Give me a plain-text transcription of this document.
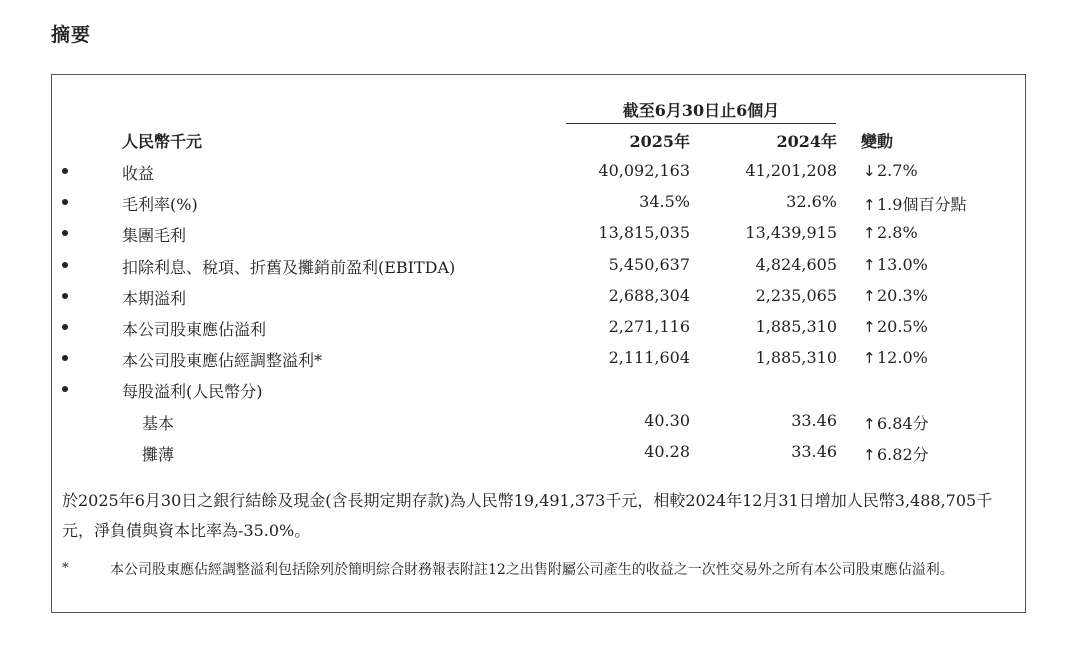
摘要
截至6月30日止6個月
人民幣千元	2025年	2024年 變動
收益	40,092,163	41,201,208 ↓2.7%
毛利率(%)	34.5%	32.6% ↑1.9個百分點
集團毛利	13,815,035	13,439,915 ↑2.8%
扣除利息、稅項、折舊及攤銷前盈利(EBITDA)	5,450,637	4,824,605 ↑13.0%
本期溢利	2,688,304	2,235,065 ↑20.3%
本公司股東應佔溢利	2,271,116	1,885,310 ↑20.5%
本公司股東應佔經調整溢利*	2,111,604	1,885,310 ↑12.0%
每股溢利(人民幣分)
基本	40.30	33.46 ↑6.84分
攤薄	40.28	33.46 ↑6.82分
於2025年6月30日之銀行結餘及現金(含長期定期存款)為人民幣19,491,373千元，相較2024年12月31日增加人民幣3,488,705千元，淨負債與資本比率為-35.0%。
*	本公司股東應佔經調整溢利包括除列於簡明綜合財務報表附註12之出售附屬公司產生的收益之一次性交易外之所有本公司股東應佔溢利。
